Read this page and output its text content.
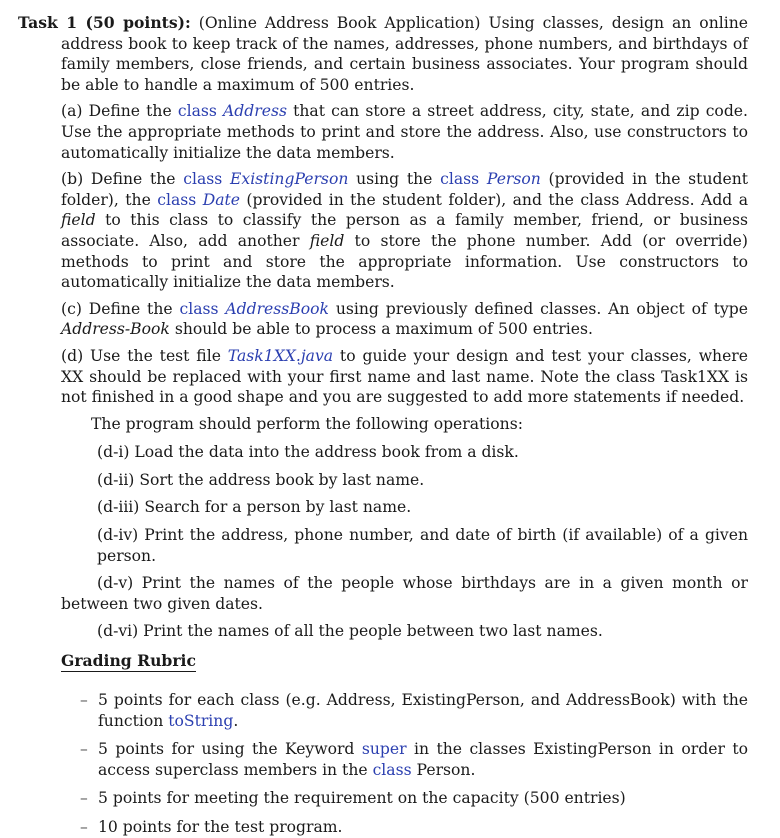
Task 1 (50 points): (Online Address Book Application) Using classes, design an online address book to keep track of the names, addresses, phone numbers, and birthdays of family members, close friends, and certain business associates. Your program should be able to handle a maximum of 500 entries.

(a) Define the class Address that can store a street address, city, state, and zip code. Use the appropriate methods to print and store the address. Also, use constructors to automatically initialize the data members.

(b) Define the class ExistingPerson using the class Person (provided in the student folder), the class Date (provided in the student folder), and the class Address. Add a field to this class to classify the person as a family member, friend, or business associate. Also, add another field to store the phone number. Add (or override) methods to print and store the appropriate information. Use constructors to automatically initialize the data members.

(c) Define the class AddressBook using previously defined classes. An object of type Address-Book should be able to process a maximum of 500 entries.

(d) Use the test file Task1XX.java to guide your design and test your classes, where XX should be replaced with your first name and last name. Note the class Task1XX is not finished in a good shape and you are suggested to add more statements if needed.

The program should perform the following operations:

(d-i) Load the data into the address book from a disk.

(d-ii) Sort the address book by last name.

(d-iii) Search for a person by last name.

(d-iv) Print the address, phone number, and date of birth (if available) of a given person.

(d-v) Print the names of the people whose birthdays are in a given month or between two given dates.

(d-vi) Print the names of all the people between two last names.

Grading Rubric
– 5 points for each class (e.g. Address, ExistingPerson, and AddressBook) with the function toString.
– 5 points for using the Keyword super in the classes ExistingPerson in order to access superclass members in the class Person.
– 5 points for meeting the requirement on the capacity (500 entries)
– 10 points for the test program.
